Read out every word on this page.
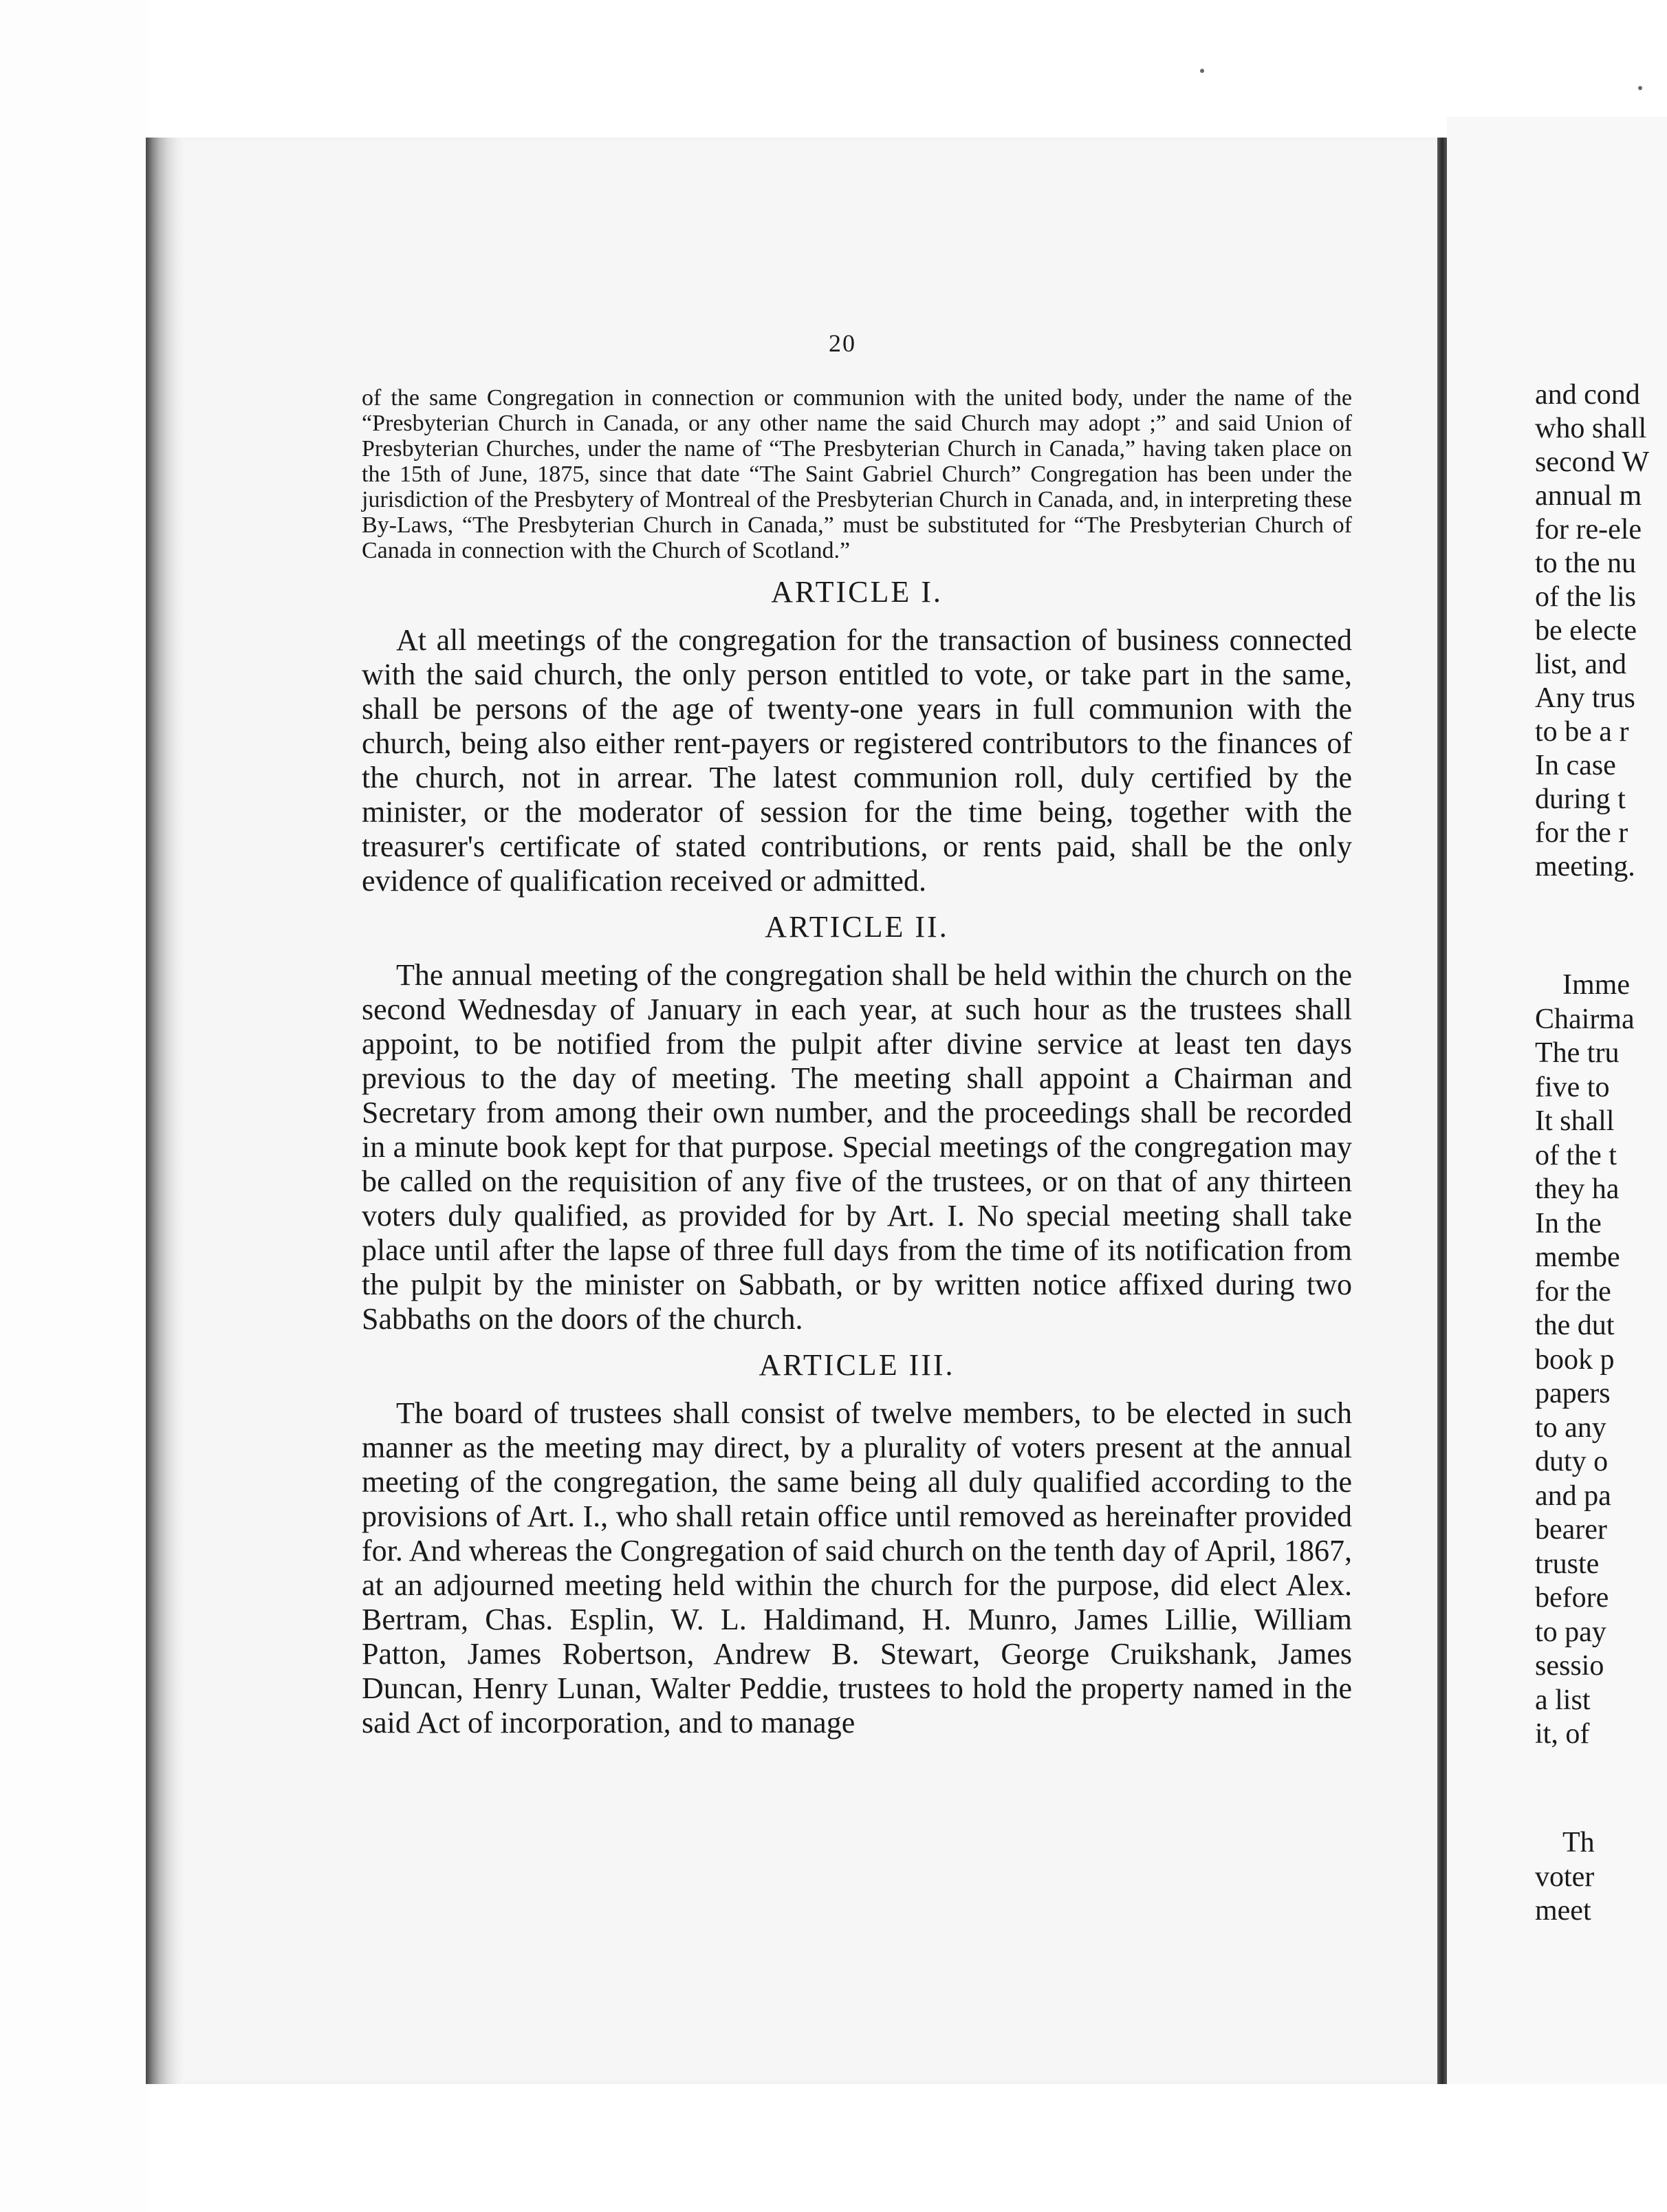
20

of the same Congregation in connection or communion with the united body, under the name of the “Presbyterian Church in Canada, or any other name the said Church may adopt ;” and said Union of Presbyterian Churches, under the name of “The Presbyterian Church in Canada,” having taken place on the 15th of June, 1875, since that date “The Saint Gabriel Church” Congregation has been under the jurisdiction of the Presbytery of Montreal of the Presbyterian Church in Canada, and, in interpreting these By-Laws, “The Presbyterian Church in Canada,” must be substituted for “The Presbyterian Church of Canada in connection with the Church of Scotland.”

ARTICLE I.

At all meetings of the congregation for the transaction of business connected with the said church, the only person entitled to vote, or take part in the same, shall be persons of the age of twenty-one years in full communion with the church, being also either rent-payers or registered contributors to the finances of the church, not in arrear. The latest communion roll, duly certified by the minister, or the moderator of session for the time being, together with the treasurer's certificate of stated contributions, or rents paid, shall be the only evidence of qualification received or admitted.

ARTICLE II.

The annual meeting of the congregation shall be held within the church on the second Wednesday of January in each year, at such hour as the trustees shall appoint, to be notified from the pulpit after divine service at least ten days previous to the day of meeting. The meeting shall appoint a Chairman and Secretary from among their own number, and the proceedings shall be recorded in a minute book kept for that purpose. Special meetings of the congregation may be called on the requisition of any five of the trustees, or on that of any thirteen voters duly qualified, as provided for by Art. I. No special meeting shall take place until after the lapse of three full days from the time of its notification from the pulpit by the minister on Sabbath, or by written notice affixed during two Sabbaths on the doors of the church.

ARTICLE III.

The board of trustees shall consist of twelve members, to be elected in such manner as the meeting may direct, by a plurality of voters present at the annual meeting of the congregation, the same being all duly qualified according to the provisions of Art. I., who shall retain office until removed as hereinafter provided for. And whereas the Congregation of said church on the tenth day of April, 1867, at an adjourned meeting held within the church for the purpose, did elect Alex. Bertram, Chas. Esplin, W. L. Haldimand, H. Munro, James Lillie, William Patton, James Robertson, Andrew B. Stewart, George Cruikshank, James Duncan, Henry Lunan, Walter Peddie, trustees to hold the property named in the said Act of incorporation, and to manage

and cond
who shall
second W
annual m
for re-ele
to the nu
of the lis
be electe
list, and
Any trus
to be a r
In case
during t
for the r
meeting.
Imme
Chairma
The tru
five to
It shall
of the t
they ha
In the
membe
for the
the dut
book p
papers
to any
duty o
and pa
bearer
truste
before
to pay
sessio
a list
it, of
Th
voter
meet
